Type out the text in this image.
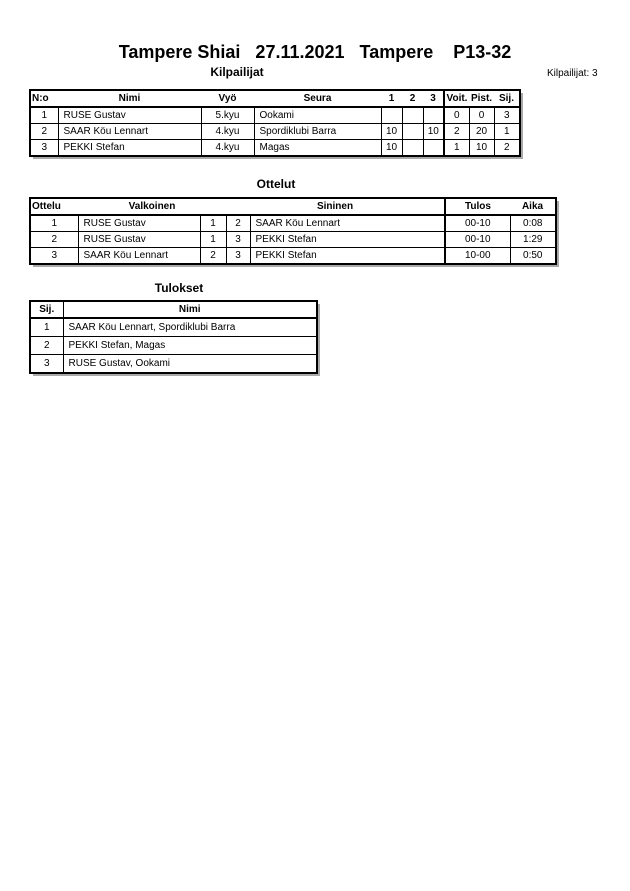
Tampere Shiai   27.11.2021   Tampere    P13-32
Kilpailijat	Kilpailijat: 3
N:o	Nimi	Vyö	Seura	1	2	3	Voit.	Pist.	Sij.
1	RUSE Gustav	5.kyu	Ookami				0	0	3
2	SAAR Köu Lennart	4.kyu	Spordiklubi Barra	10		10	2	20	1
3	PEKKI Stefan	4.kyu	Magas	10			1	10	2
Ottelut
Ottelu	Valkoinen		Sininen		Tulos	Aika
1	RUSE Gustav	1	2	SAAR Köu Lennart	00-10	0:08
2	RUSE Gustav	1	3	PEKKI Stefan	00-10	1:29
3	SAAR Köu Lennart	2	3	PEKKI Stefan	10-00	0:50
Tulokset
Sij.	Nimi
1	SAAR Köu Lennart, Spordiklubi Barra
2	PEKKI Stefan, Magas
3	RUSE Gustav, Ookami
